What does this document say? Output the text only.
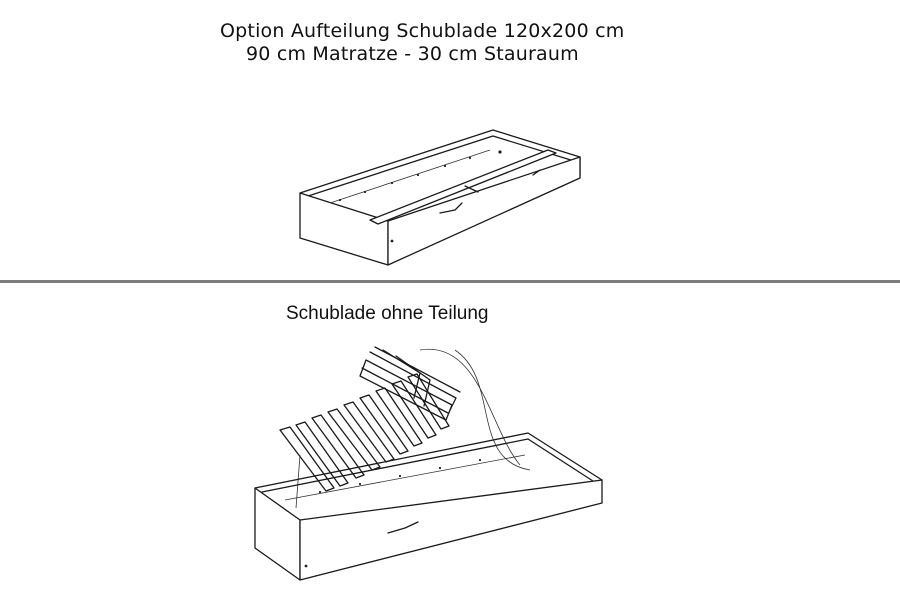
Option Aufteilung Schublade 120x200 cm
90 cm Matratze - 30 cm Stauraum
Schublade ohne Teilung
